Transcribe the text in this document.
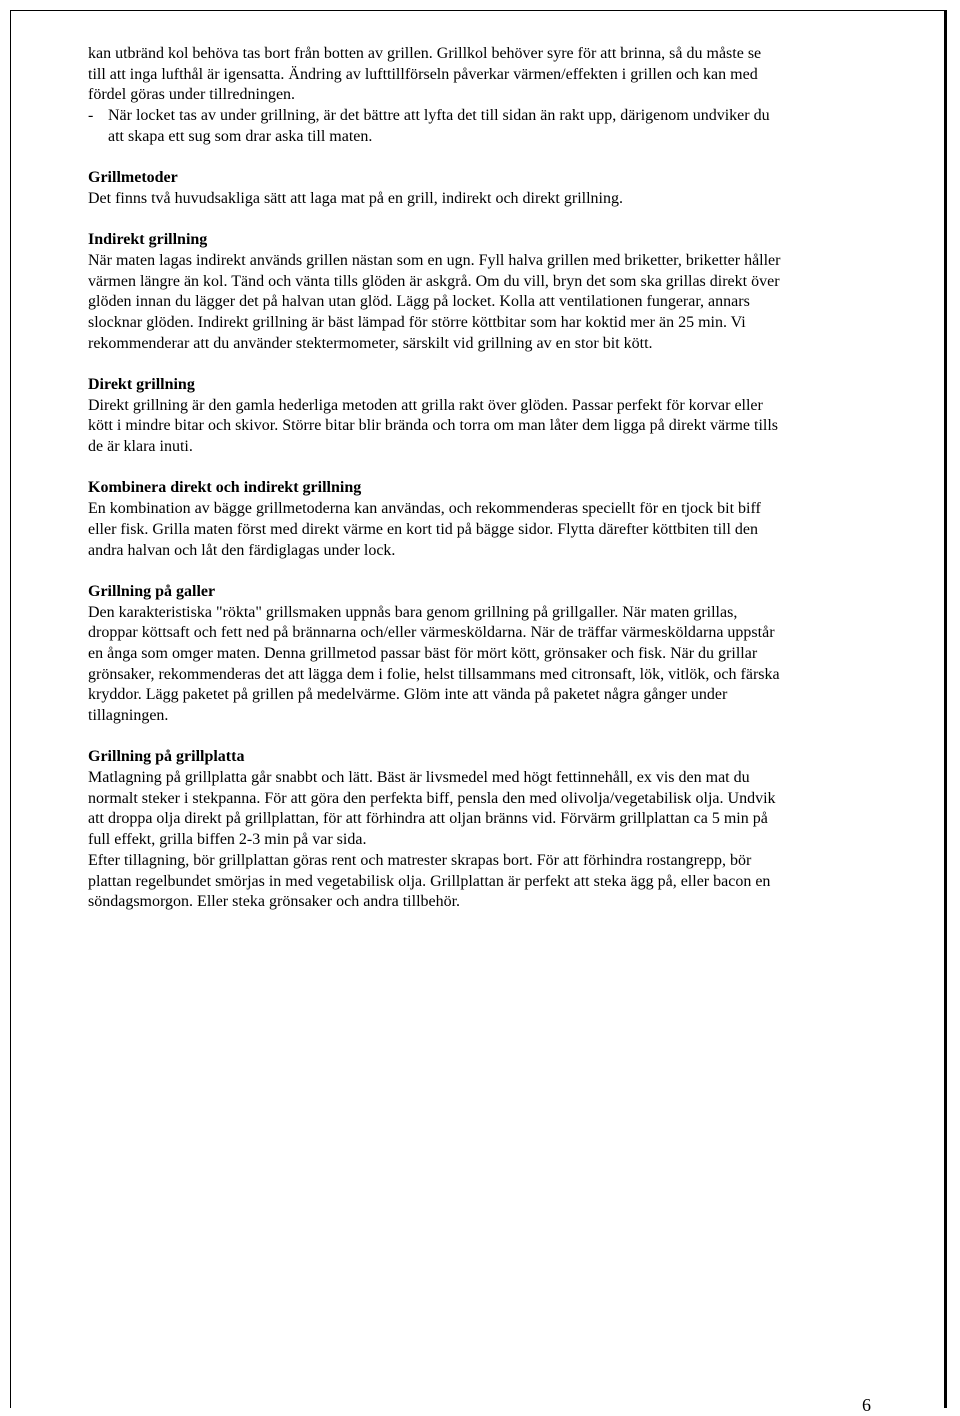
kan utbränd kol behöva tas bort från botten av grillen. Grillkol behöver syre för att brinna, så du måste se
till att inga lufthål är igensatta. Ändring av lufttillförseln påverkar värmen/effekten i grillen och kan med
fördel göras under tillredningen.
- När locket tas av under grillning, är det bättre att lyfta det till sidan än rakt upp, därigenom undviker du
att skapa ett sug som drar aska till maten.
Grillmetoder
Det finns två huvudsakliga sätt att laga mat på en grill, indirekt och direkt grillning.
Indirekt grillning
När maten lagas indirekt används grillen nästan som en ugn. Fyll halva grillen med briketter, briketter håller
värmen längre än kol. Tänd och vänta tills glöden är askgrå. Om du vill, bryn det som ska grillas direkt över
glöden innan du lägger det på halvan utan glöd. Lägg på locket. Kolla att ventilationen fungerar, annars
slocknar glöden. Indirekt grillning är bäst lämpad för större köttbitar som har koktid mer än 25 min. Vi
rekommenderar att du använder stektermometer, särskilt vid grillning av en stor bit kött.
Direkt grillning
Direkt grillning är den gamla hederliga metoden att grilla rakt över glöden. Passar perfekt för korvar eller
kött i mindre bitar och skivor. Större bitar blir brända och torra om man låter dem ligga på direkt värme tills
de är klara inuti.
Kombinera direkt och indirekt grillning
En kombination av bägge grillmetoderna kan användas, och rekommenderas speciellt för en tjock bit biff
eller fisk. Grilla maten först med direkt värme en kort tid på bägge sidor. Flytta därefter köttbiten till den
andra halvan och låt den färdiglagas under lock.
Grillning på galler
Den karakteristiska "rökta" grillsmaken uppnås bara genom grillning på grillgaller. När maten grillas,
droppar köttsaft och fett ned på brännarna och/eller värmesköldarna. När de träffar värmesköldarna uppstår
en ånga som omger maten. Denna grillmetod passar bäst för mört kött, grönsaker och fisk. När du grillar
grönsaker, rekommenderas det att lägga dem i folie, helst tillsammans med citronsaft, lök, vitlök, och färska
kryddor. Lägg paketet på grillen på medelvärme. Glöm inte att vända på paketet några gånger under
tillagningen.
Grillning på grillplatta
Matlagning på grillplatta går snabbt och lätt. Bäst är livsmedel med högt fettinnehåll, ex vis den mat du
normalt steker i stekpanna. För att göra den perfekta biff, pensla den med olivolja/vegetabilisk olja. Undvik
att droppa olja direkt på grillplattan, för att förhindra att oljan bränns vid. Förvärm grillplattan ca 5 min på
full effekt, grilla biffen 2-3 min på var sida.
Efter tillagning, bör grillplattan göras rent och matrester skrapas bort. För att förhindra rostangrepp, bör
plattan regelbundet smörjas in med vegetabilisk olja. Grillplattan är perfekt att steka ägg på, eller bacon en
söndagsmorgon. Eller steka grönsaker och andra tillbehör.
6
